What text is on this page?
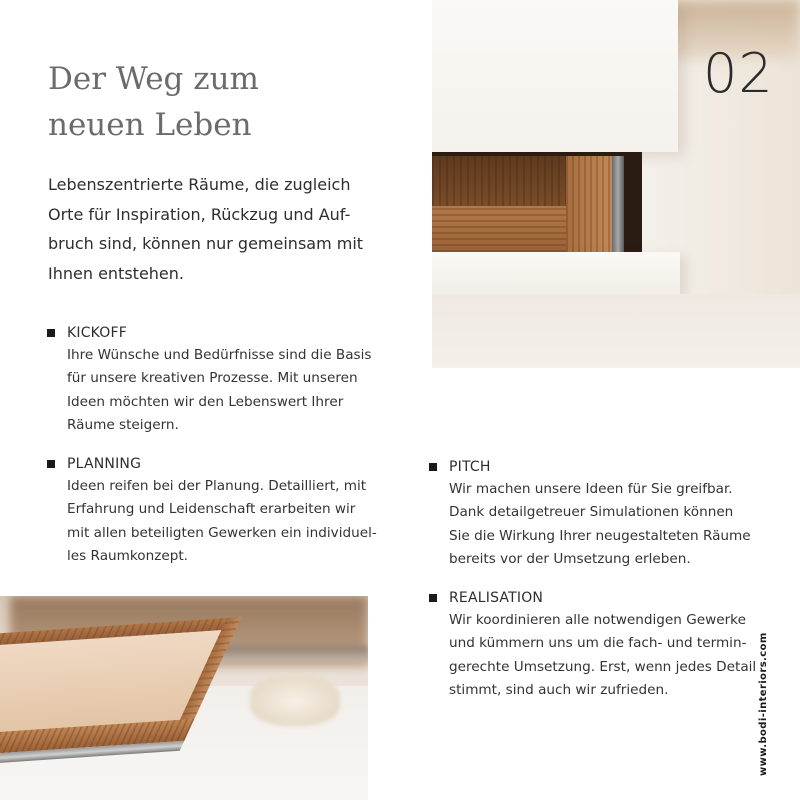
Der Weg zum
neuen Leben
Lebenszentrierte Räume, die zugleich
Orte für Inspiration, Rückzug und Auf-
bruch sind, können nur gemeinsam mit
Ihnen entstehen.
KICKOFF
Ihre Wünsche und Bedürfnisse sind die Basis
für unsere kreativen Prozesse. Mit unseren
Ideen möchten wir den Lebenswert Ihrer
Räume steigern.
PLANNING
Ideen reifen bei der Planung. Detailliert, mit
Erfahrung und Leidenschaft erarbeiten wir
mit allen beteiligten Gewerken ein individuel-
les Raumkonzept.
PITCH
Wir machen unsere Ideen für Sie greifbar.
Dank detailgetreuer Simulationen können
Sie die Wirkung Ihrer neugestalteten Räume
bereits vor der Umsetzung erleben.
REALISATION
Wir koordinieren alle notwendigen Gewerke
und kümmern uns um die fach- und termin-
gerechte Umsetzung. Erst, wenn jedes Detail
stimmt, sind auch wir zufrieden.
02
www.bodi-interiors.com
